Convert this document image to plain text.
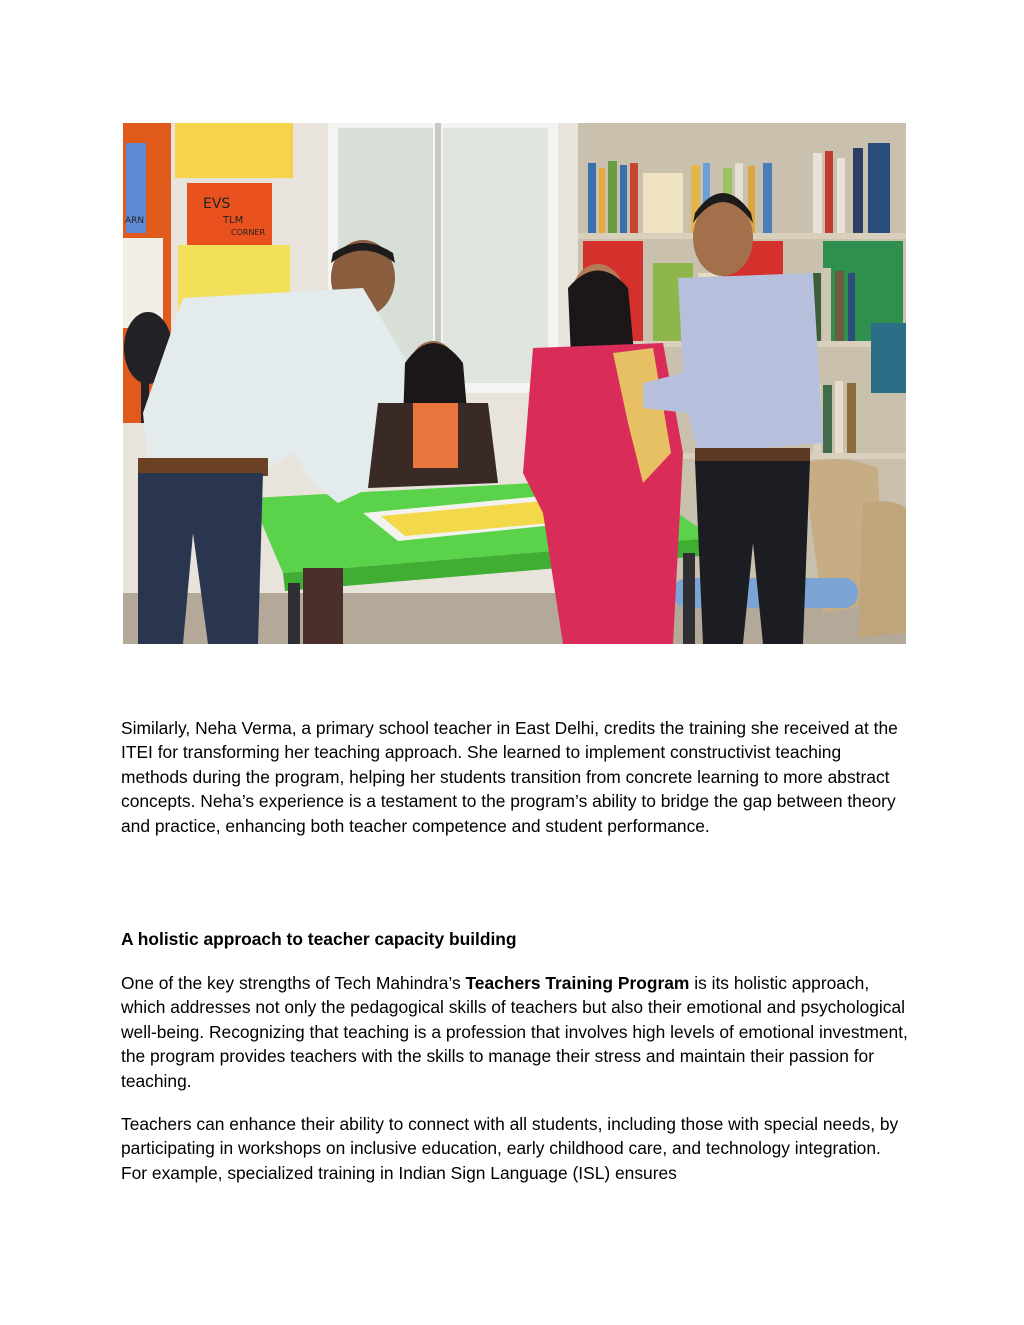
EVS
TLM
CORNER
ARN

Similarly, Neha Verma, a primary school teacher in East Delhi, credits the training she received at the ITEI for transforming her teaching approach. She learned to implement constructivist teaching methods during the program, helping her students transition from concrete learning to more abstract concepts. Neha’s experience is a testament to the program’s ability to bridge the gap between theory and practice, enhancing both teacher competence and student performance.

A holistic approach to teacher capacity building

One of the key strengths of Tech Mahindra’s Teachers Training Program is its holistic approach, which addresses not only the pedagogical skills of teachers but also their emotional and psychological well-being. Recognizing that teaching is a profession that involves high levels of emotional investment, the program provides teachers with the skills to manage their stress and maintain their passion for teaching.

Teachers can enhance their ability to connect with all students, including those with special needs, by participating in workshops on inclusive education, early childhood care, and technology integration. For example, specialized training in Indian Sign Language (ISL) ensures
